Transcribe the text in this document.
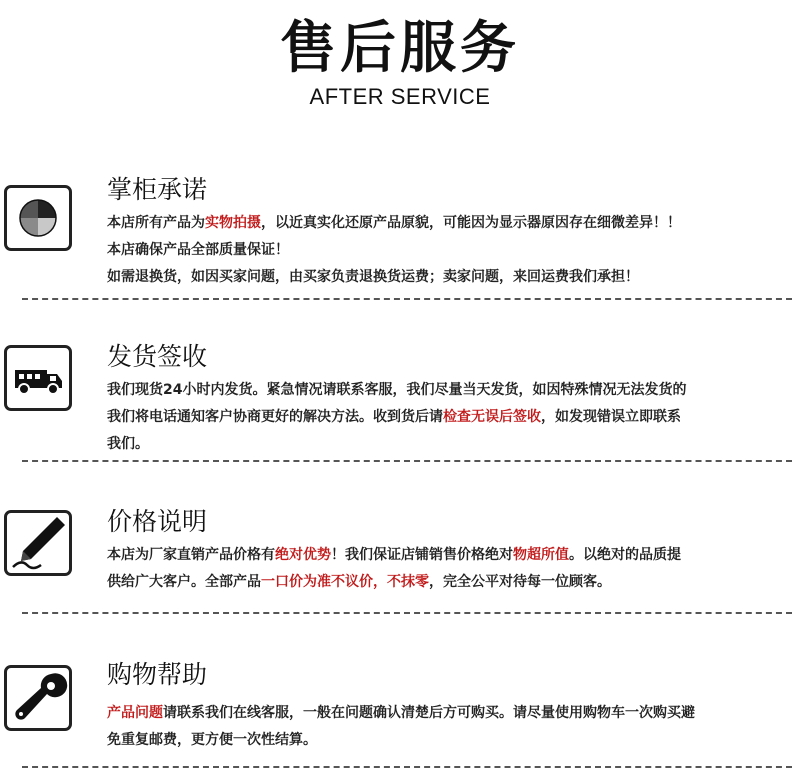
售后服务
AFTER SERVICE
掌柜承诺

本店所有产品为实物拍摄，以近真实化还原产品原貌，可能因为显示器原因存在细微差异！！

本店确保产品全部质量保证！

如需退换货，如因买家问题，由买家负责退换货运费；卖家问题，来回运费我们承担！

发货签收

我们现货24小时内发货。紧急情况请联系客服，我们尽量当天发货，如因特殊情况无法发货的

我们将电话通知客户协商更好的解决方法。收到货后请检查无误后签收，如发现错误立即联系

我们。

价格说明

本店为厂家直销产品价格有绝对优势！我们保证店铺销售价格绝对物超所值。以绝对的品质提

供给广大客户。全部产品一口价为准不议价，不抹零，完全公平对待每一位顾客。

购物帮助

产品问题请联系我们在线客服，一般在问题确认清楚后方可购买。请尽量使用购物车一次购买避

免重复邮费，更方便一次性结算。
